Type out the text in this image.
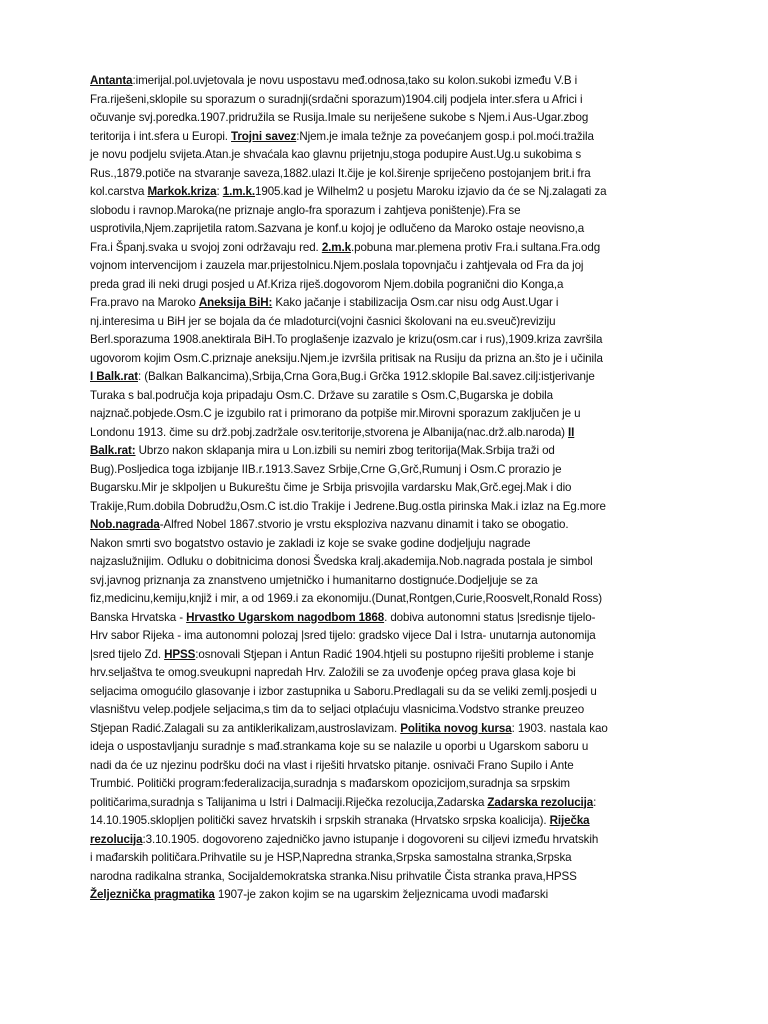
Antanta:imerijal.pol.uvjetovala je novu uspostavu međ.odnosa,tako su kolon.sukobi između V.B i
Fra.riješeni,sklopile su sporazum o suradnji(srdačni sporazum)1904.cilj podjela inter.sfera u Africi i
očuvanje svj.poredka.1907.pridružila se Rusija.Imale su neriješene sukobe s Njem.i Aus-Ugar.zbog
teritorija i int.sfera u Europi. Trojni savez:Njem.je imala težnje za povećanjem gosp.i pol.moći.tražila
je novu podjelu svijeta.Atan.je shvaćala kao glavnu prijetnju,stoga podupire Aust.Ug.u sukobima s
Rus.,1879.potiče na stvaranje saveza,1882.ulazi It.čije je kol.širenje spriječeno postojanjem brit.i fra
kol.carstva Markok.kriza: 1.m.k.1905.kad je Wilhelm2 u posjetu Maroku izjavio da će se Nj.zalagati za
slobodu i ravnop.Maroka(ne priznaje anglo-fra sporazum i zahtjeva poništenje).Fra se
usprotivila,Njem.zaprijetila ratom.Sazvana je konf.u kojoj je odlučeno da Maroko ostaje neovisno,a
Fra.i Španj.svaka u svojoj zoni održavaju red. 2.m.k.pobuna mar.plemena protiv Fra.i sultana.Fra.odg
vojnom intervencijom i zauzela mar.prijestolnicu.Njem.poslala topovnjaču i zahtjevala od Fra da joj
preda grad ili neki drugi posjed u Af.Kriza riješ.dogovorom Njem.dobila pogranični dio Konga,a
Fra.pravo na Maroko Aneksija BiH: Kako jačanje i stabilizacija Osm.car nisu odg Aust.Ugar i
nj.interesima u BiH jer se bojala da će mladoturci(vojni časnici školovani na eu.sveuč)reviziju
Berl.sporazuma 1908.anektirala BiH.To proglašenje izazvalo je krizu(osm.car i rus),1909.kriza završila
ugovorom kojim Osm.C.priznaje aneksiju.Njem.je izvršila pritisak na Rusiju da prizna an.što je i učinila
I Balk.rat: (Balkan Balkancima),Srbija,Crna Gora,Bug.i Grčka 1912.sklopile Bal.savez.cilj:istjerivanje
Turaka s bal.područja koja pripadaju Osm.C. Države su zaratile s Osm.C,Bugarska je dobila
najznač.pobjede.Osm.C je izgubilo rat i primorano da potpiše mir.Mirovni sporazum zaključen je u
Londonu 1913. čime su drž.pobj.zadržale osv.teritorije,stvorena je Albanija(nac.drž.alb.naroda) II
Balk.rat: Ubrzo nakon sklapanja mira u Lon.izbili su nemiri zbog teritorija(Mak.Srbija traži od
Bug).Posljedica toga izbijanje IIB.r.1913.Savez Srbije,Crne G,Grč,Rumunj i Osm.C prorazio je
Bugarsku.Mir je sklpoljen u Bukureštu čime je Srbija prisvojila vardarsku Mak,Grč.egej.Mak i dio
Trakije,Rum.dobila Dobrudžu,Osm.C ist.dio Trakije i Jedrene.Bug.ostla pirinska Mak.i izlaz na Eg.more
Nob.nagrada-Alfred Nobel 1867.stvorio je vrstu eksploziva nazvanu dinamit i tako se obogatio.
Nakon smrti svo bogatstvo ostavio je zakladi iz koje se svake godine dodjeljuju nagrade
najzaslužnijim. Odluku o dobitnicima donosi Švedska kralj.akademija.Nob.nagrada postala je simbol
svj.javnog priznanja za znanstveno umjetničko i humanitarno dostignuće.Dodjeljuje se za
fiz,medicinu,kemiju,knjiž i mir, a od 1969.i za ekonomiju.(Dunat,Rontgen,Curie,Roosvelt,Ronald Ross)
Banska Hrvatska - Hrvastko Ugarskom nagodbom 1868. dobiva autonomni status |sredisnje tijelo-
Hrv sabor Rijeka - ima autonomni polozaj |sred tijelo: gradsko vijece Dal i Istra- unutarnja autonomija
|sred tijelo Zd. HPSS:osnovali Stjepan i Antun Radić 1904.htjeli su postupno riješiti probleme i stanje
hrv.seljaštva te omog.sveukupni napredah Hrv. Založili se za uvođenje općeg prava glasa koje bi
seljacima omogućilo glasovanje i izbor zastupnika u Saboru.Predlagali su da se veliki zemlj.posjedi u
vlasništvu velep.podjele seljacima,s tim da to seljaci otplaćuju vlasnicima.Vodstvo stranke preuzeo
Stjepan Radić.Zalagali su za antiklerikalizam,austroslavizam. Politika novog kursa: 1903. nastala kao
ideja o uspostavljanju suradnje s mađ.strankama koje su se nalazile u oporbi u Ugarskom saboru u
nadi da će uz njezinu podršku doći na vlast i riješiti hrvatsko pitanje. osnivači Frano Supilo i Ante
Trumbić. Politički program:federalizacija,suradnja s mađarskom opozicijom,suradnja sa srpskim
političarima,suradnja s Talijanima u Istri i Dalmaciji.Riječka rezolucija,Zadarska Zadarska rezolucija:
14.10.1905.sklopljen politički savez hrvatskih i srpskih stranaka (Hrvatsko srpska koalicija). Riječka
rezolucija:3.10.1905. dogovoreno zajedničko javno istupanje i dogovoreni su ciljevi između hrvatskih
i mađarskih političara.Prihvatile su je HSP,Napredna stranka,Srpska samostalna stranka,Srpska
narodna radikalna stranka, Socijaldemokratska stranka.Nisu prihvatile Čista stranka prava,HPSS
Željeznička pragmatika 1907-je zakon kojim se na ugarskim željeznicama uvodi mađarski
